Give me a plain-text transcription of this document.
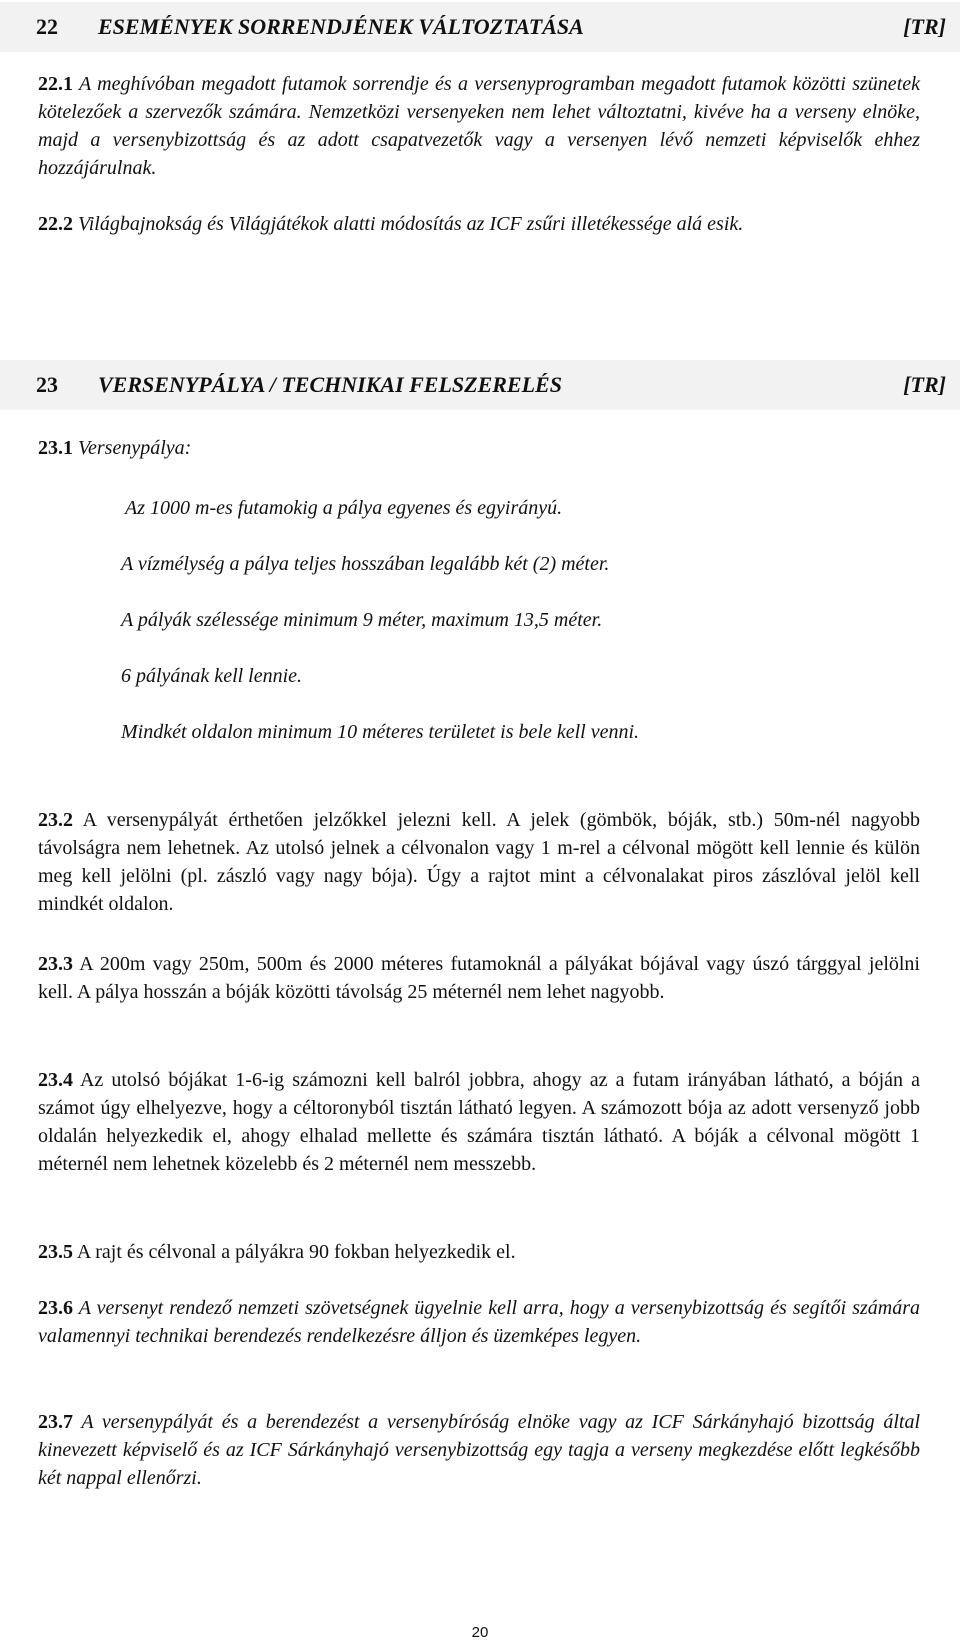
22	ESEMÉNYEK SORRENDJÉNEK VÁLTOZTATÁSA	[TR]

22.1 A meghívóban megadott futamok sorrendje és a versenyprogramban megadott futamok közötti szünetek kötelezőek a szervezők számára. Nemzetközi versenyeken nem lehet változtatni, kivéve ha a verseny elnöke, majd a versenybizottság és az adott csapatvezetők vagy a versenyen lévő nemzeti képviselők ehhez hozzájárulnak.

22.2 Világbajnokság és Világjátékok alatti módosítás az ICF zsűri illetékessége alá esik.

23	VERSENYPÁLYA / TECHNIKAI FELSZERELÉS	[TR]

23.1 Versenypálya:

Az 1000 m-es futamokig a pálya egyenes és egyirányú.

A vízmélység a pálya teljes hosszában legalább két (2) méter.

A pályák szélessége minimum 9 méter, maximum 13,5 méter.

6 pályának kell lennie.

Mindkét oldalon minimum 10 méteres területet is bele kell venni.

23.2 A versenypályát érthetően jelzőkkel jelezni kell. A jelek (gömbök, bóják, stb.) 50m-nél nagyobb távolságra nem lehetnek. Az utolsó jelnek a célvonalon vagy 1 m-rel a célvonal mögött kell lennie és külön meg kell jelölni (pl. zászló vagy nagy bója). Úgy a rajtot mint a célvonalakat piros zászlóval jelöl kell mindkét oldalon.

23.3 A 200m vagy 250m, 500m és 2000 méteres futamoknál a pályákat bójával vagy úszó tárggyal jelölni kell. A pálya hosszán a bóják közötti távolság 25 méternél nem lehet nagyobb.

23.4 Az utolsó bójákat 1-6-ig számozni kell balról jobbra, ahogy az a futam irányában látható, a bóján a számot úgy elhelyezve, hogy a céltoronyból tisztán látható legyen. A számozott bója az adott versenyző jobb oldalán helyezkedik el, ahogy elhalad mellette és számára tisztán látható. A bóják a célvonal mögött 1 méternél nem lehetnek közelebb és 2 méternél nem messzebb.

23.5 A rajt és célvonal a pályákra 90 fokban helyezkedik el.

23.6 A versenyt rendező nemzeti szövetségnek ügyelnie kell arra, hogy a versenybizottság és segítői számára valamennyi technikai berendezés rendelkezésre álljon és üzemképes legyen.

23.7 A versenypályát és a berendezést a versenybíróság elnöke vagy az ICF Sárkányhajó bizottság által kinevezett képviselő és az ICF Sárkányhajó versenybizottság egy tagja a verseny megkezdése előtt legkésőbb két nappal ellenőrzi.

20
